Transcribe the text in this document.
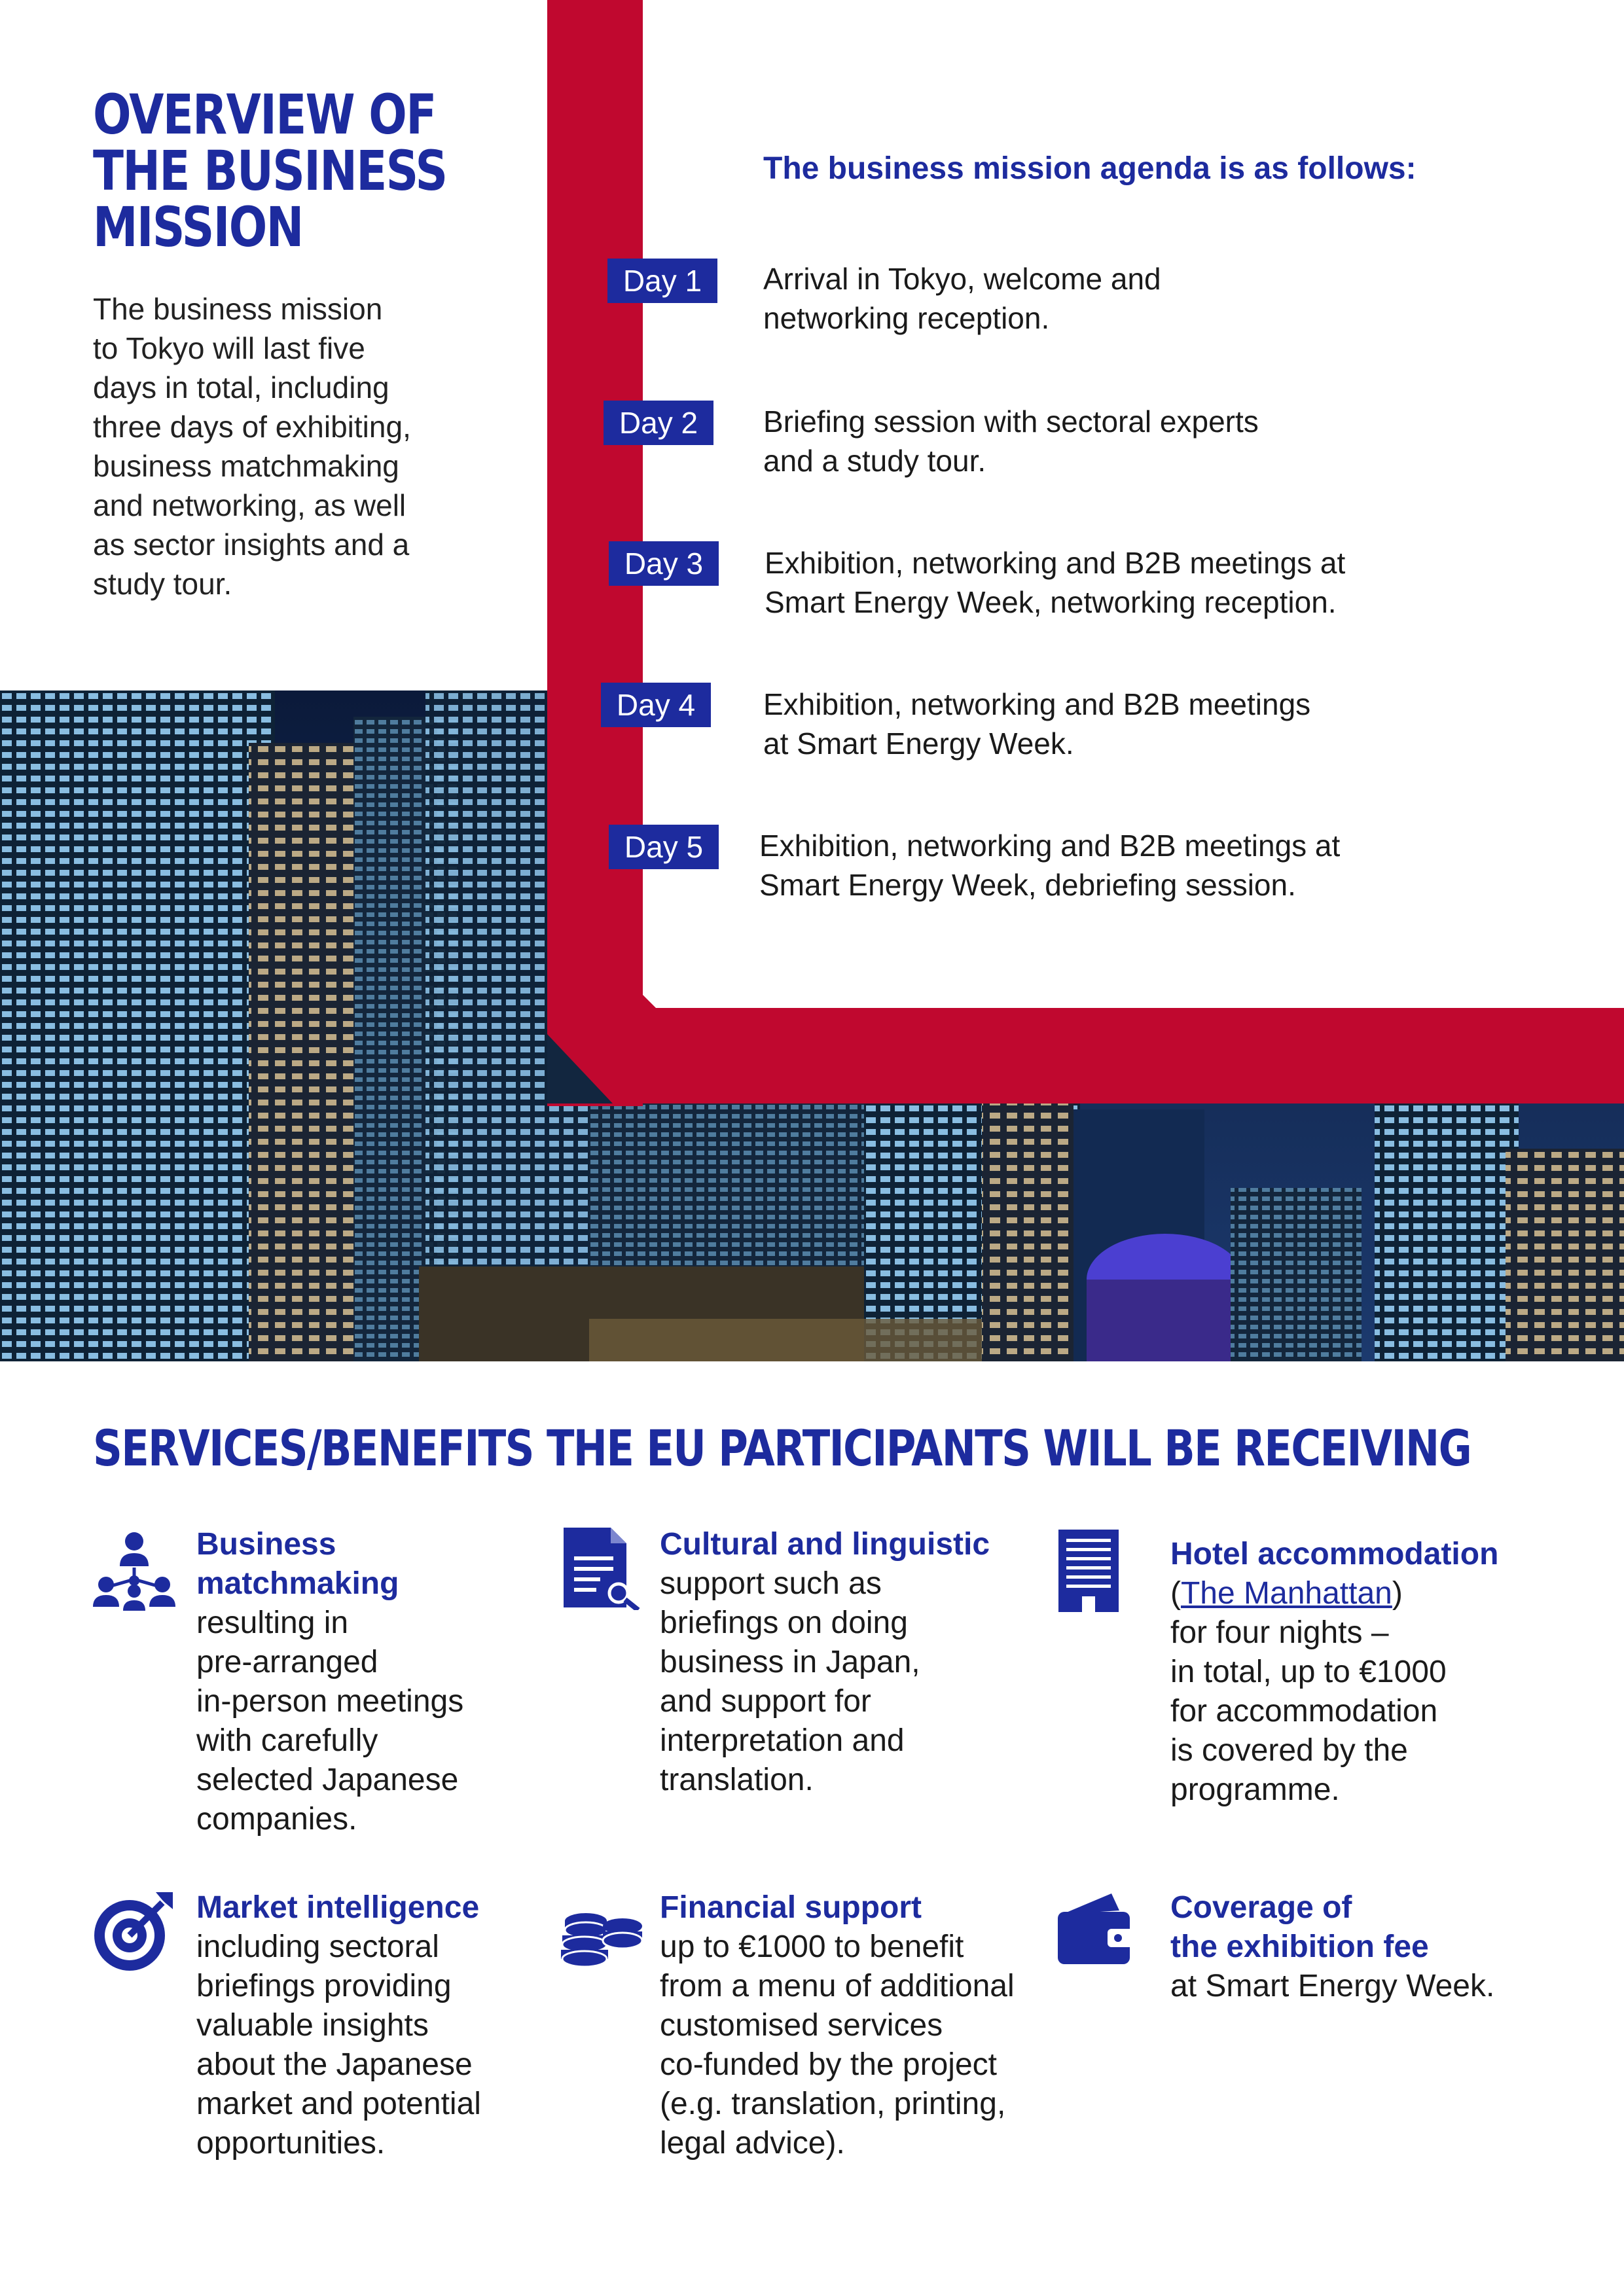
OVERVIEW OF
THE BUSINESS
MISSION
The business mission
to Tokyo will last five
days in total, including
three days of exhibiting,
business matchmaking
and networking, as well
as sector insights and a
study tour.
The business mission agenda is as follows:
Day 1	Arrival in Tokyo, welcome and
networking reception.
Day 2	Briefing session with sectoral experts
and a study tour.
Day 3	Exhibition, networking and B2B meetings at
Smart Energy Week, networking reception.
Day 4	Exhibition, networking and B2B meetings
at Smart Energy Week.
Day 5	Exhibition, networking and B2B meetings at
Smart Energy Week, debriefing session.
SERVICES/BENEFITS THE EU PARTICIPANTS WILL BE RECEIVING
Business
matchmaking
resulting in
pre-arranged
in-person meetings
with carefully
selected Japanese
companies.
Cultural and linguistic
support such as
briefings on doing
business in Japan,
and support for
interpretation and
translation.
Hotel accommodation
(The Manhattan)
for four nights –
in total, up to €1000
for accommodation
is covered by the
programme.
Market intelligence
including sectoral
briefings providing
valuable insights
about the Japanese
market and potential
opportunities.
Financial support
up to €1000 to benefit
from a menu of additional
customised services
co-funded by the project
(e.g. translation, printing,
legal advice).
Coverage of
the exhibition fee
at Smart Energy Week.
